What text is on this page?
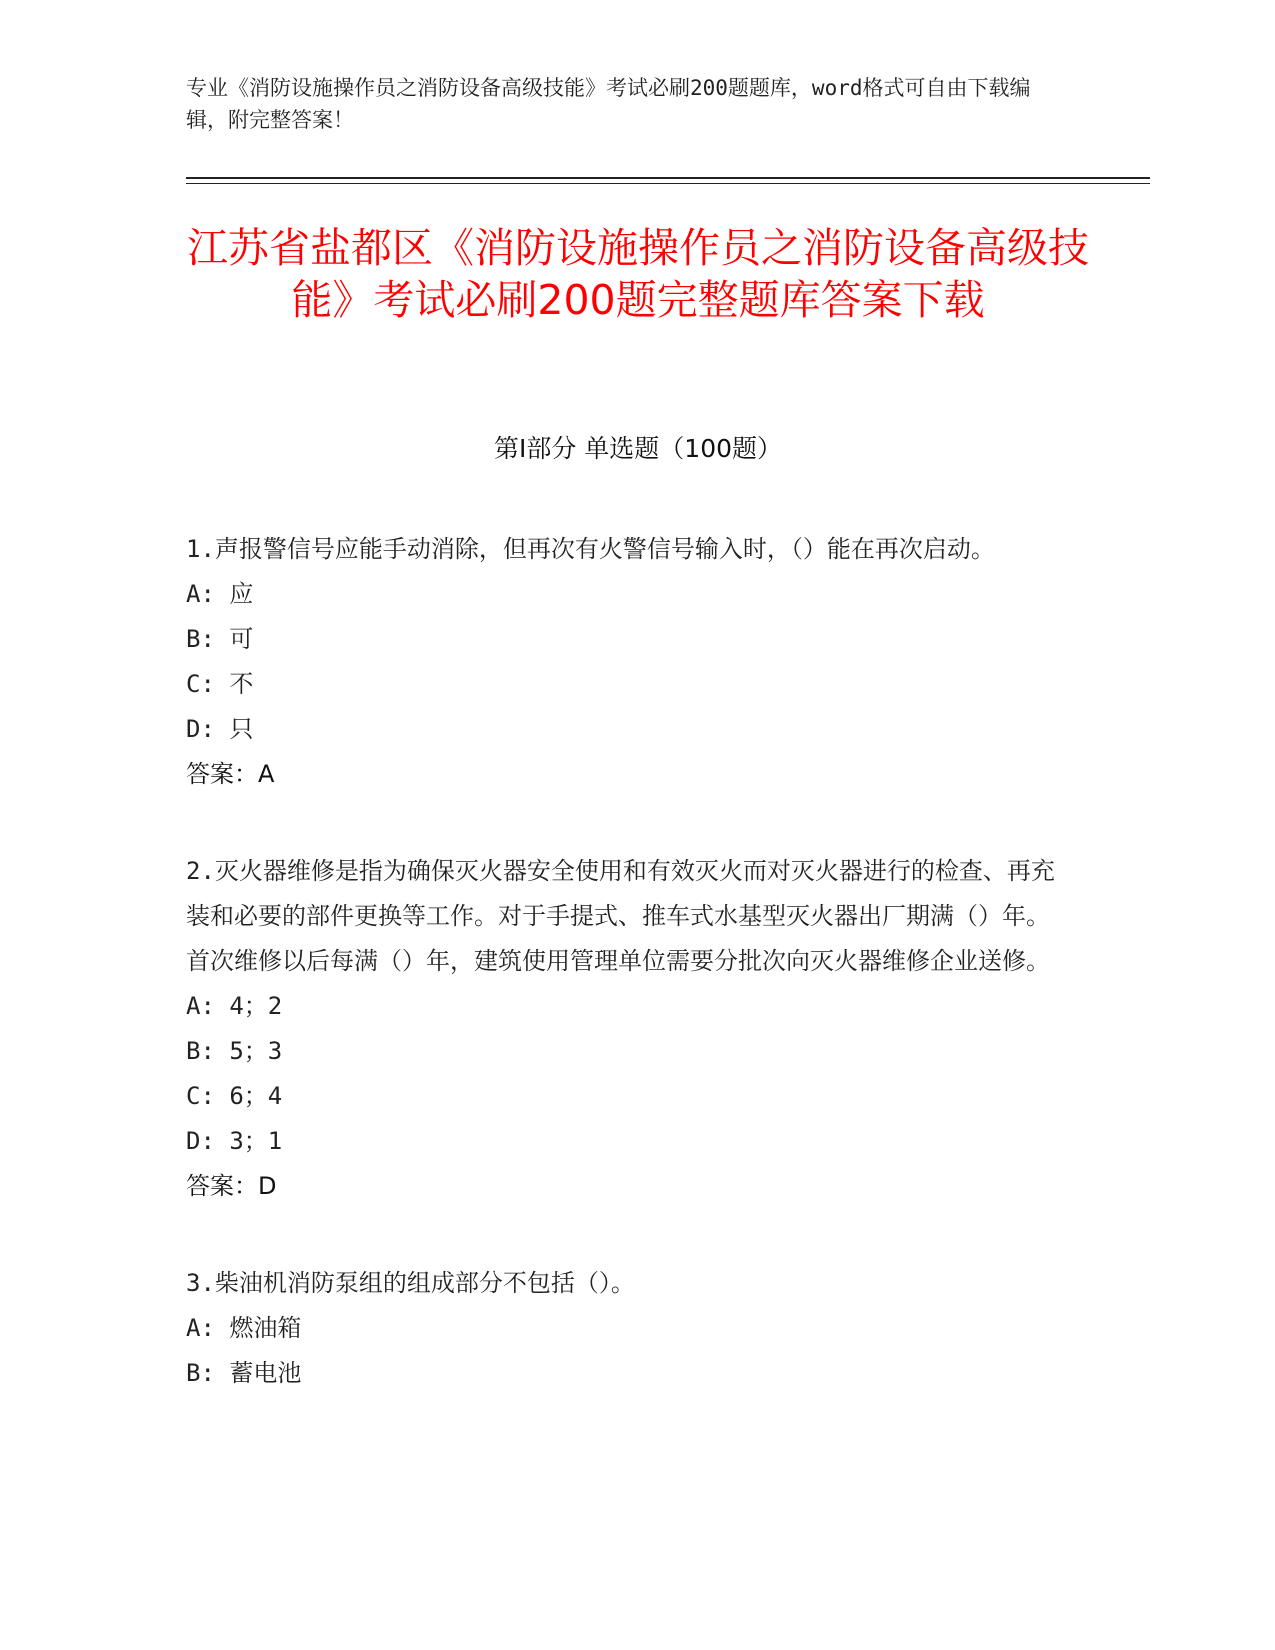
专业《消防设施操作员之消防设备高级技能》考试必刷200题题库，word格式可自由下载编辑，附完整答案！
江苏省盐都区《消防设施操作员之消防设备高级技能》考试必刷200题完整题库答案下载
第I部分 单选题（100题）

1.声报警信号应能手动消除，但再次有火警信号输入时，（）能在再次启动。

A: 应

B: 可

C: 不

D: 只

答案：A

2.灭火器维修是指为确保灭火器安全使用和有效灭火而对灭火器进行的检查、再充装和必要的部件更换等工作。对于手提式、推车式水基型灭火器出厂期满（）年。首次维修以后每满（）年，建筑使用管理单位需要分批次向灭火器维修企业送修。

A: 4；2

B: 5；3

C: 6；4

D: 3；1

答案：D

3.柴油机消防泵组的组成部分不包括（）。

A: 燃油箱

B: 蓄电池
